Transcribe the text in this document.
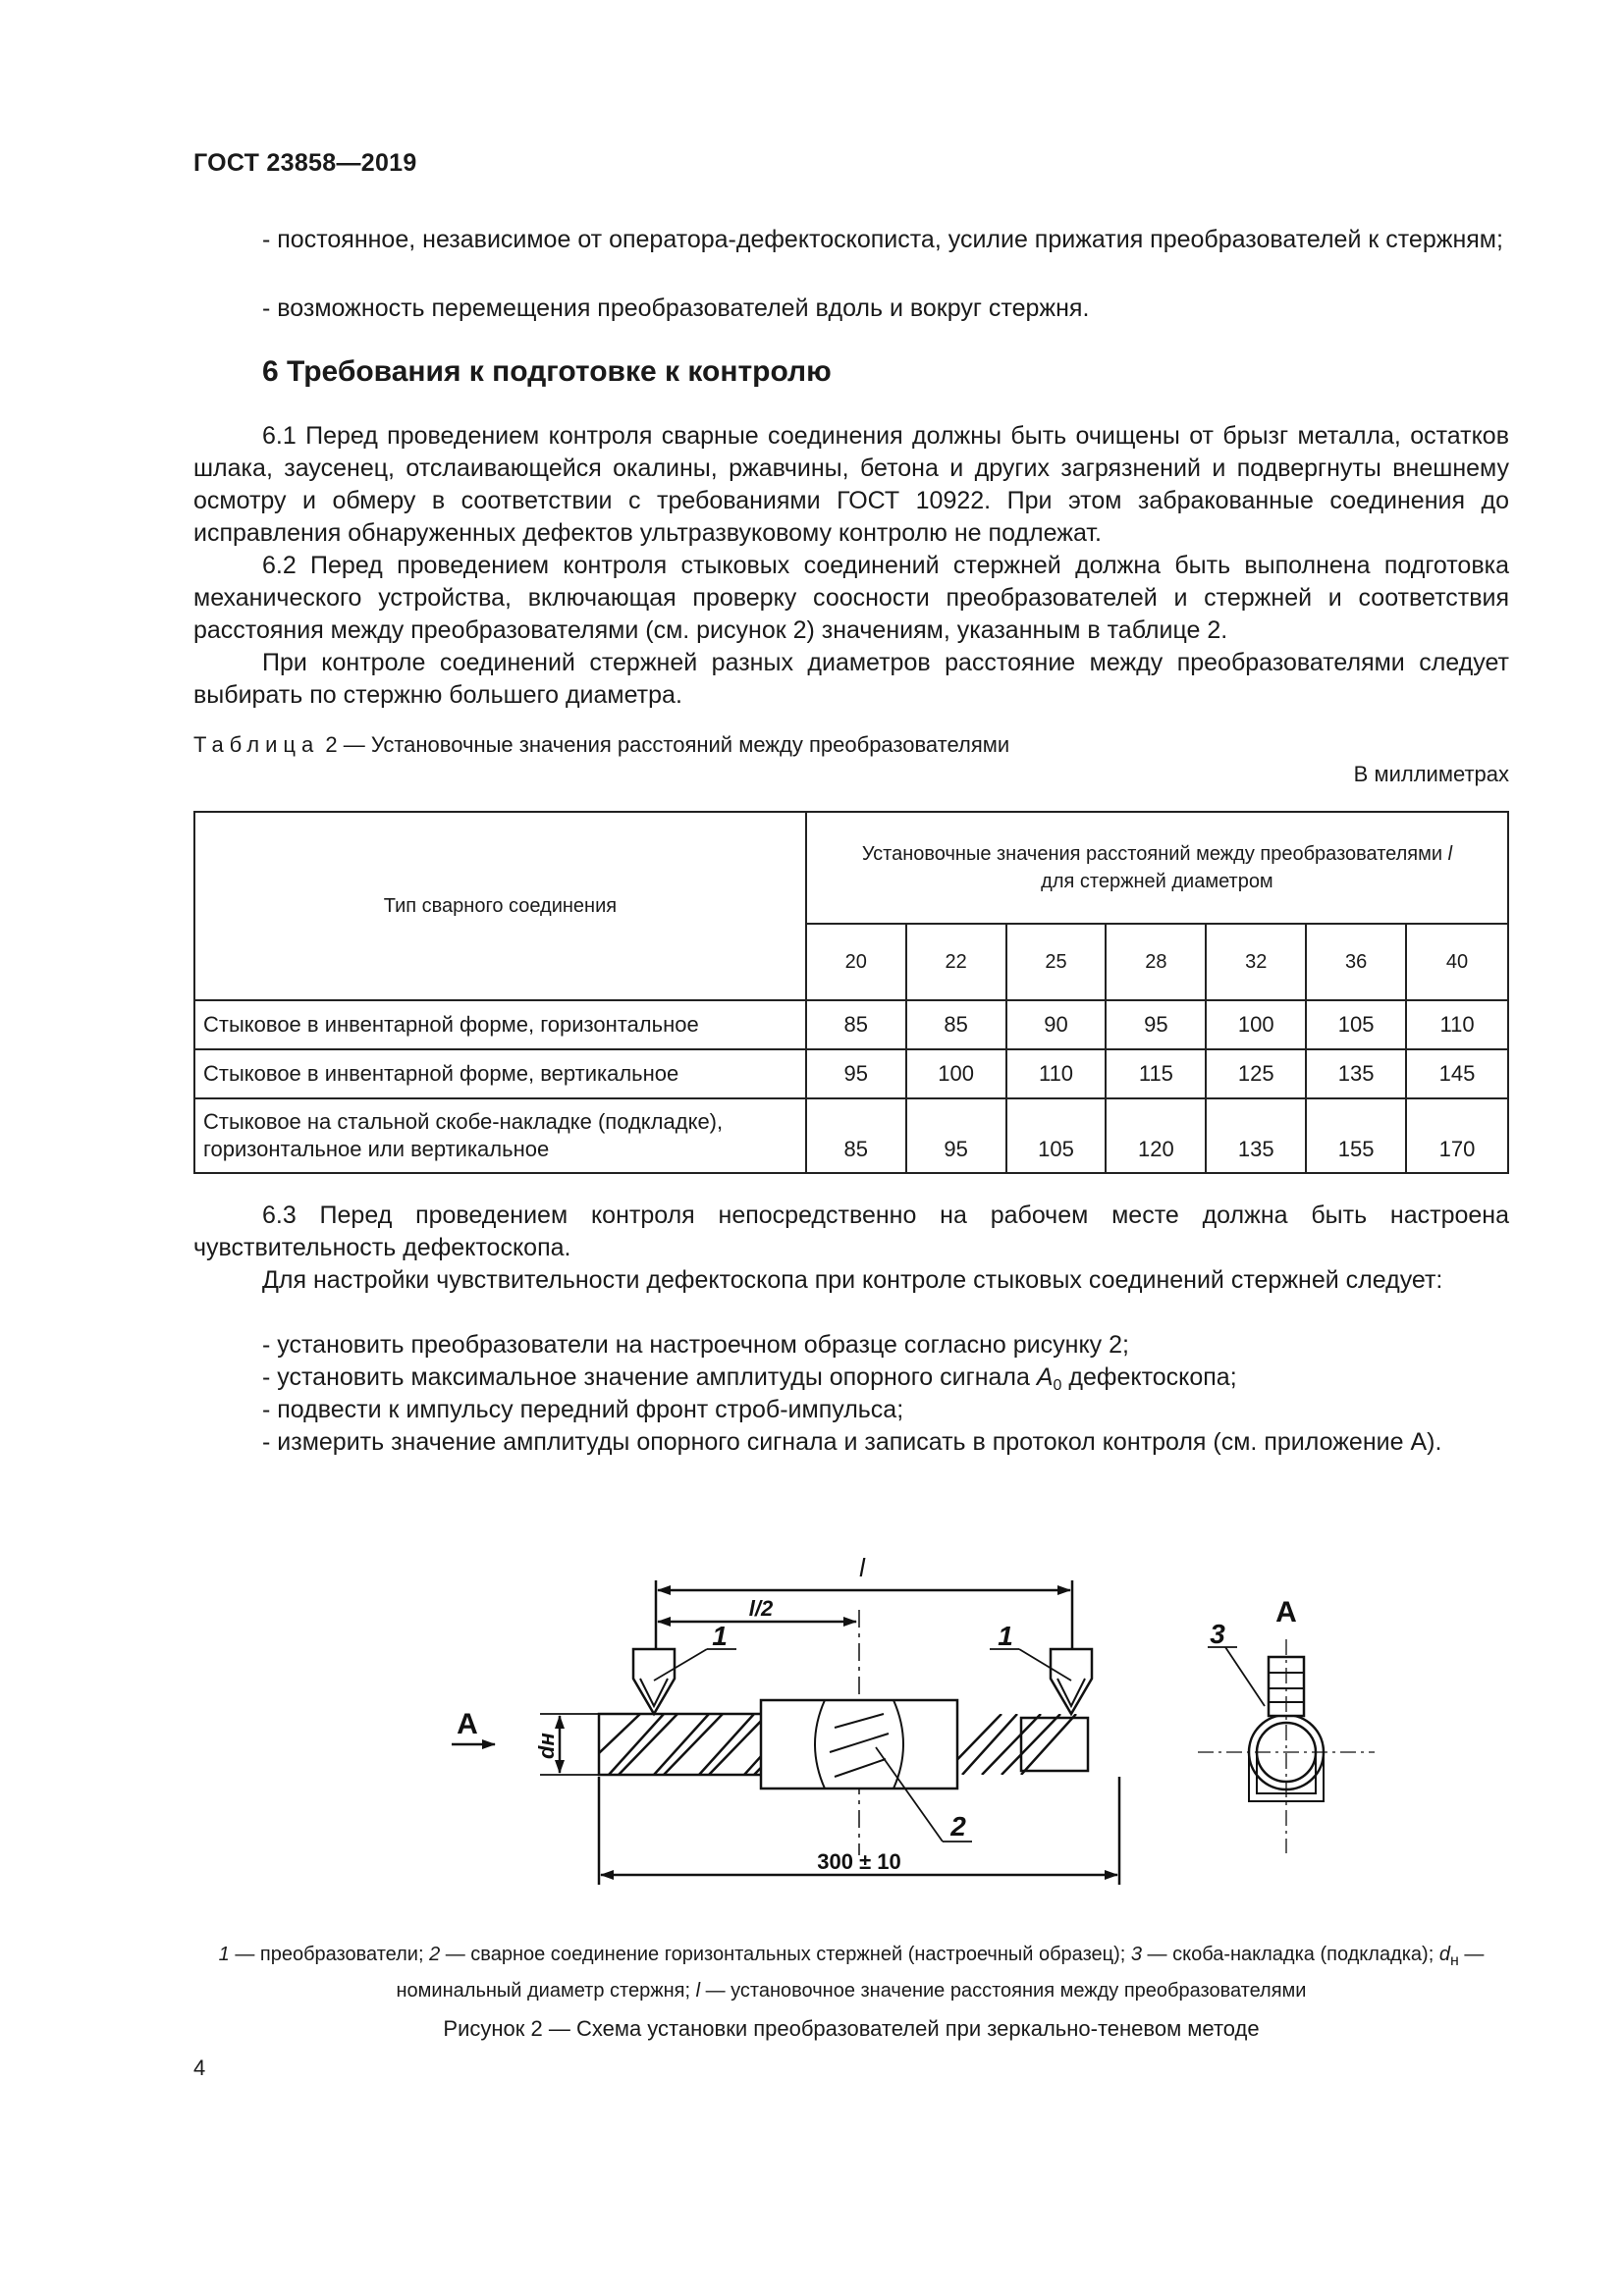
ГОСТ 23858—2019
- постоянное, независимое от оператора-дефектоскописта, усилие прижатия преобразователей к стержням;
- возможность перемещения преобразователей вдоль и вокруг стержня.
6 Требования к подготовке к контролю
6.1 Перед проведением контроля сварные соединения должны быть очищены от брызг металла, остатков шлака, заусенец, отслаивающейся окалины, ржавчины, бетона и других загрязнений и подвергнуты внешнему осмотру и обмеру в соответствии с требованиями ГОСТ 10922. При этом забракованные соединения до исправления обнаруженных дефектов ультразвуковому контролю не подлежат.
6.2 Перед проведением контроля стыковых соединений стержней должна быть выполнена подготовка механического устройства, включающая проверку соосности преобразователей и стержней и соответствия расстояния между преобразователями (см. рисунок 2) значениям, указанным в таблице 2.
При контроле соединений стержней разных диаметров расстояние между преобразователями следует выбирать по стержню большего диаметра.
Таблица 2 — Установочные значения расстояний между преобразователями
В миллиметрах
Тип сварного соединения	Установочные значения расстояний между преобразователями l
для стержней диаметром						
	20	22	25	28	32	36	40
Стыковое в инвентарной форме, горизонтальное	85	85	90	95	100	105	110
Стыковое в инвентарной форме, вертикальное	95	100	110	115	125	135	145
Стыковое на стальной скобе-накладке (подкладке), горизонтальное или вертикальное	85	95	105	120	135	155	170
6.3 Перед проведением контроля непосредственно на рабочем месте должна быть настроена чувствительность дефектоскопа.
Для настройки чувствительности дефектоскопа при контроле стыковых соединений стержней следует:
- установить преобразователи на настроечном образце согласно рисунку 2;
- установить максимальное значение амплитуды опорного сигнала $A_0$ дефектоскопа;
- подвести к импульсу передний фронт строб-импульса;
- измерить значение амплитуды опорного сигнала и записать в протокол контроля (см. приложение А).
l
l/2
1	1
2
3
A
A
dн
300 ± 10
1 — преобразователи; 2 — сварное соединение горизонтальных стержней (настроечный образец); 3 — скоба-накладка (подкладка); $d_н$ — номинальный диаметр стержня; l — установочное значение расстояния между преобразователями
Рисунок 2 — Схема установки преобразователей при зеркально-теневом методе
4
